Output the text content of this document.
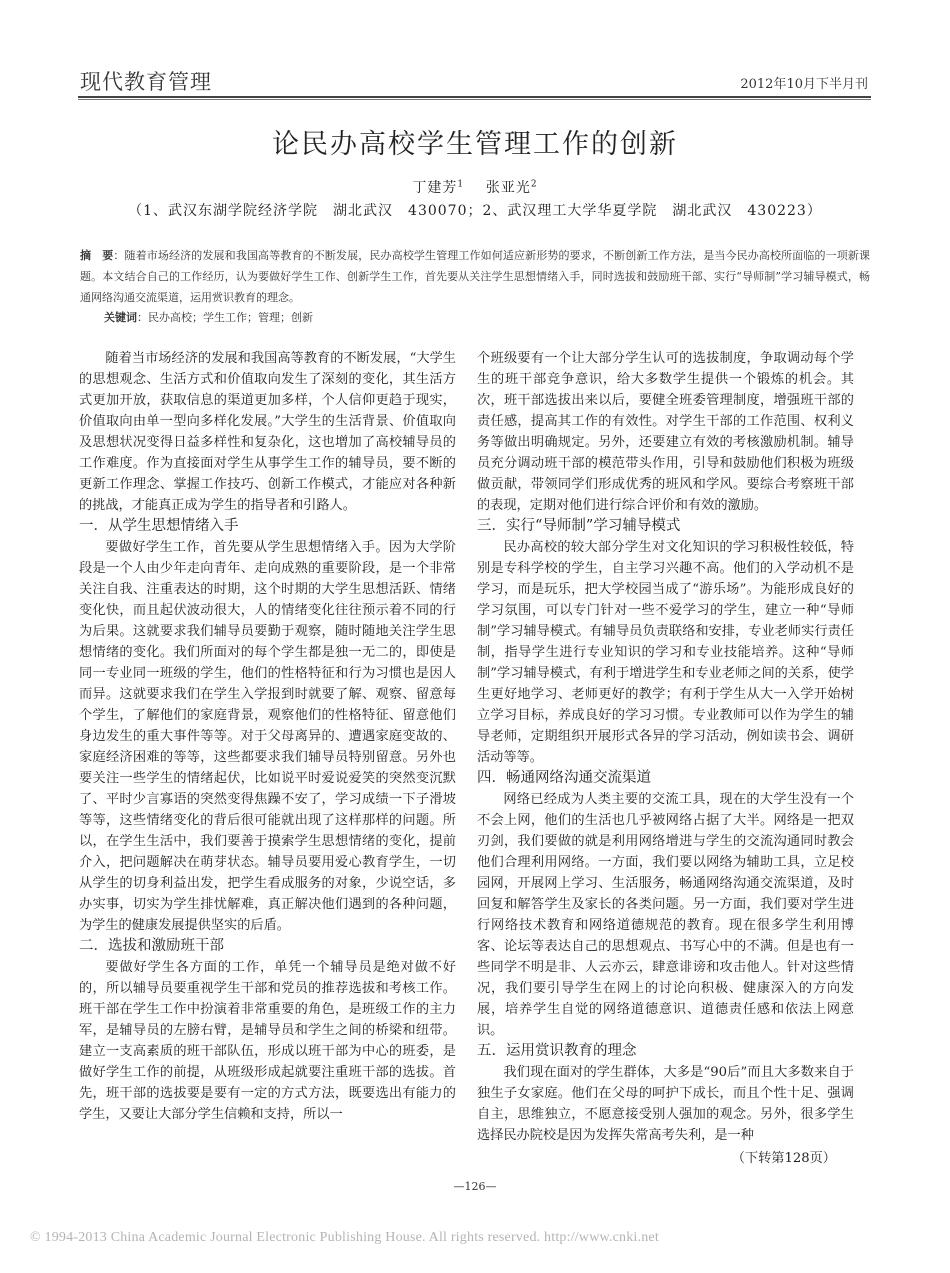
现代教育管理	2012年10月下半月刊
论民办高校学生管理工作的创新
丁建芳$^1$ 张亚光$^2$
（1、武汉东湖学院经济学院　湖北武汉　430070；2、武汉理工大学华夏学院　湖北武汉　430223）
摘　要：随着市场经济的发展和我国高等教育的不断发展，民办高校学生管理工作如何适应新形势的要求，不断创新工作方法，是当今民办高校所面临的一项新课题。本文结合自己的工作经历，认为要做好学生工作、创新学生工作，首先要从关注学生思想情绪入手，同时选拔和鼓励班干部、实行“导师制”学习辅导模式，畅通网络沟通交流渠道，运用赏识教育的理念。
关键词：民办高校；学生工作；管理；创新

随着当市场经济的发展和我国高等教育的不断发展，“大学生的思想观念、生活方式和价值取向发生了深刻的变化，其生活方式更加开放，获取信息的渠道更加多样，个人信仰更趋于现实，价值取向由单一型向多样化发展。”大学生的生活背景、价值取向及思想状况变得日益多样性和复杂化，这也增加了高校辅导员的工作难度。作为直接面对学生从事学生工作的辅导员，要不断的更新工作理念、掌握工作技巧、创新工作模式，才能应对各种新的挑战，才能真正成为学生的指导者和引路人。

一．从学生思想情绪入手

要做好学生工作，首先要从学生思想情绪入手。因为大学阶段是一个人由少年走向青年、走向成熟的重要阶段，是一个非常关注自我、注重表达的时期，这个时期的大学生思想活跃、情绪变化快，而且起伏波动很大，人的情绪变化往往预示着不同的行为后果。这就要求我们辅导员要勤于观察，随时随地关注学生思想情绪的变化。我们所面对的每个学生都是独一无二的，即使是同一专业同一班级的学生，他们的性格特征和行为习惯也是因人而异。这就要求我们在学生入学报到时就要了解、观察、留意每个学生，了解他们的家庭背景，观察他们的性格特征、留意他们身边发生的重大事件等等。对于父母离异的、遭遇家庭变故的、家庭经济困难的等等，这些都要求我们辅导员特别留意。另外也要关注一些学生的情绪起伏，比如说平时爱说爱笑的突然变沉默了、平时少言寡语的突然变得焦躁不安了，学习成绩一下子滑坡等等，这些情绪变化的背后很可能就出现了这样那样的问题。所以，在学生生活中，我们要善于摸索学生思想情绪的变化，提前介入，把问题解决在萌芽状态。辅导员要用爱心教育学生，一切从学生的切身利益出发，把学生看成服务的对象，少说空话，多办实事，切实为学生排忧解难，真正解决他们遇到的各种问题，为学生的健康发展提供坚实的后盾。

二．选拔和激励班干部

要做好学生各方面的工作，单凭一个辅导员是绝对做不好的，所以辅导员要重视学生干部和党员的推荐选拔和考核工作。班干部在学生工作中扮演着非常重要的角色，是班级工作的主力军，是辅导员的左膀右臂，是辅导员和学生之间的桥梁和纽带。建立一支高素质的班干部队伍，形成以班干部为中心的班委，是做好学生工作的前提，从班级形成起就要注重班干部的选拔。首先，班干部的选拔要是要有一定的方式方法，既要选出有能力的学生，又要让大部分学生信赖和支持，所以一

个班级要有一个让大部分学生认可的选拔制度，争取调动每个学生的班干部竞争意识，给大多数学生提供一个锻炼的机会。其次，班干部选拔出来以后，要健全班委管理制度，增强班干部的责任感，提高其工作的有效性。对学生干部的工作范围、权利义务等做出明确规定。另外，还要建立有效的考核激励机制。辅导员充分调动班干部的模范带头作用，引导和鼓励他们积极为班级做贡献，带领同学们形成优秀的班风和学风。要综合考察班干部的表现，定期对他们进行综合评价和有效的激励。

三．实行“导师制”学习辅导模式

民办高校的较大部分学生对文化知识的学习积极性较低，特别是专科学校的学生，自主学习兴趣不高。他们的入学动机不是学习，而是玩乐，把大学校园当成了“游乐场”。为能形成良好的学习氛围，可以专门针对一些不爱学习的学生，建立一种“导师制”学习辅导模式。有辅导员负责联络和安排，专业老师实行责任制，指导学生进行专业知识的学习和专业技能培养。这种“导师制”学习辅导模式，有利于增进学生和专业老师之间的关系，使学生更好地学习、老师更好的教学；有利于学生从大一入学开始树立学习目标，养成良好的学习习惯。专业教师可以作为学生的辅导老师，定期组织开展形式各异的学习活动，例如读书会、调研活动等等。

四．畅通网络沟通交流渠道

网络已经成为人类主要的交流工具，现在的大学生没有一个不会上网，他们的生活也几乎被网络占据了大半。网络是一把双刃剑，我们要做的就是利用网络增进与学生的交流沟通同时教会他们合理利用网络。一方面，我们要以网络为辅助工具，立足校园网，开展网上学习、生活服务，畅通网络沟通交流渠道，及时回复和解答学生及家长的各类问题。另一方面，我们要对学生进行网络技术教育和网络道德规范的教育。现在很多学生利用博客、论坛等表达自己的思想观点、书写心中的不满。但是也有一些同学不明是非、人云亦云，肆意诽谤和攻击他人。针对这些情况，我们要引导学生在网上的讨论向积极、健康深入的方向发展，培养学生自觉的网络道德意识、道德责任感和依法上网意识。

五．运用赏识教育的理念

我们现在面对的学生群体，大多是“90后”而且大多数来自于独生子女家庭。他们在父母的呵护下成长，而且个性十足、强调自主，思维独立，不愿意接受别人强加的观念。另外，很多学生选择民办院校是因为发挥失常高考失利，是一种

（下转第128页）

—126—
© 1994-2013 China Academic Journal Electronic Publishing House. All rights reserved. http://www.cnki.net
